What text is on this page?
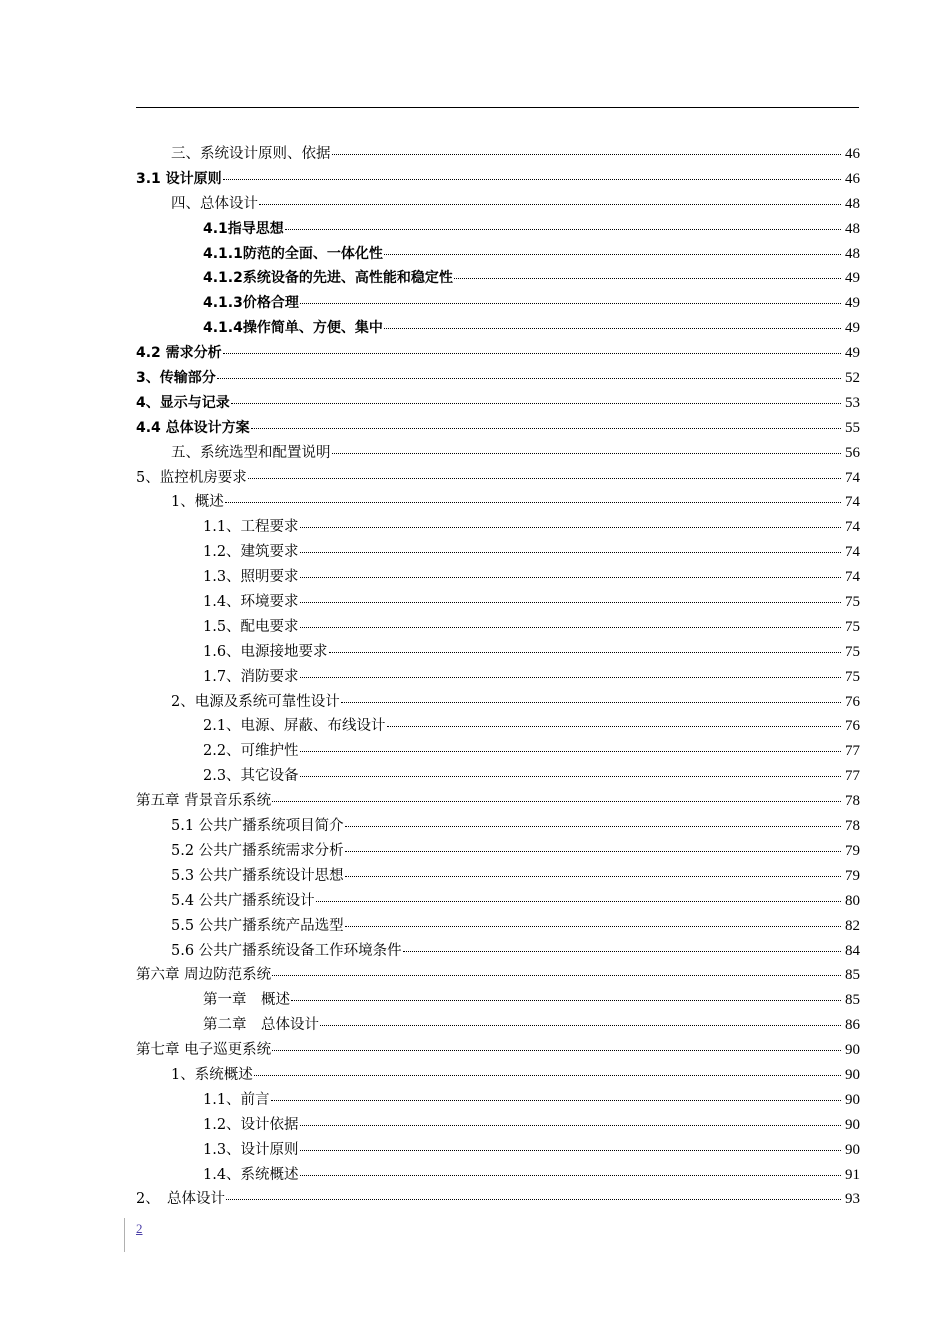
三、系统设计原则、依据	46
3.1 设计原则	46
四、总体设计	48
4.1指导思想	48
4.1.1防范的全面、一体化性	48
4.1.2系统设备的先进、高性能和稳定性	49
4.1.3价格合理	49
4.1.4操作简单、方便、集中	49
4.2 需求分析	49
3、传输部分	52
4、显示与记录	53
4.4 总体设计方案	55
五、系统选型和配置说明	56
5、监控机房要求	74
1、概述	74
1.1、工程要求	74
1.2、建筑要求	74
1.3、照明要求	74
1.4、环境要求	75
1.5、配电要求	75
1.6、电源接地要求	75
1.7、消防要求	75
2、电源及系统可靠性设计	76
2.1、电源、屏蔽、布线设计	76
2.2、可维护性	77
2.3、其它设备	77
第五章 背景音乐系统	78
5.1 公共广播系统项目简介	78
5.2 公共广播系统需求分析	79
5.3 公共广播系统设计思想	79
5.4 公共广播系统设计	80
5.5 公共广播系统产品选型	82
5.6 公共广播系统设备工作环境条件	84
第六章 周边防范系统	85
第一章　概述	85
第二章　总体设计	86
第七章 电子巡更系统	90
1、系统概述	90
1.1、前言	90
1.2、设计依据	90
1.3、设计原则	90
1.4、系统概述	91
2、　总体设计	93
2
